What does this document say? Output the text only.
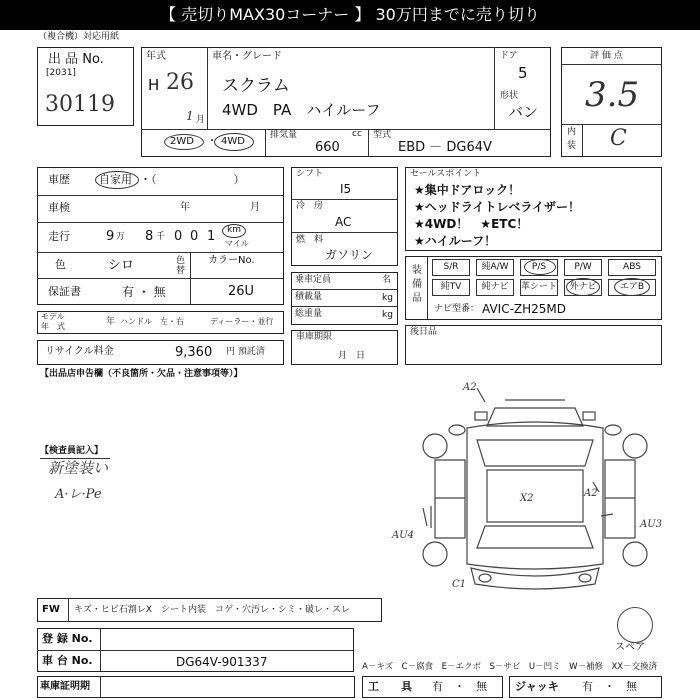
【 売切りMAX30コーナー 】 30万円までに売り切り
（複合機）対応用紙
出 品 No.
[2031]
30119
年式
H 26
1 月
車名・グレード
スクラム
4WD　PA　ハイルーフ
2WD ・ 4WD
排気量	cc
660
型式
EBD － DG64V
ドア
5
形状
バン
評 価 点
3.5
内
装 C
車歴	自家用 ・（　　　　　　　）
車検	年	月
走行	9 万 8 千 0 0 1 km
マイル
色	シロ	色替
カラーNo.
26U
保証書	有 ・ 無
モデル
年　式	年 ハンドル　左・右	ディーラー・並行
リサイクル料金	9,360 円 預託済
シフト
I5
冷　房
AC
燃　料
ガソリン
乗車定員	名
積載量	kg
総重量	kg
車庫期限
月　日
セールスポイント
★集中ドアロック！
★ヘッドライトレベライザー！
★4WD！　★ETC！
★ハイルーフ！
装備品
S/R	純A/W	P/S	P/W	ABS
純TV	純ナビ	革シート	外ナビ	エアB
ナビ型番： AVIC-ZH25MD
後日品
【出品店申告欄（不良箇所・欠品・注意事項等）】
【検査員記入】
新塗装い
A·レ·Pe
A2
X2	A2
AU4
AU3
C1
スペア
FW キズ・ヒビ石割レX　シート内装　コゲ・穴汚レ・シミ・破レ・スレ
登 録 No.
車 台 No.	DG64V-901337	A－キズ　C－腐食　E－エクボ　S－サビ　U－凹ミ　W－補修　XX－交換済
車庫証明期	工　　具 有　・　無	ジャッキ 有　・　無
